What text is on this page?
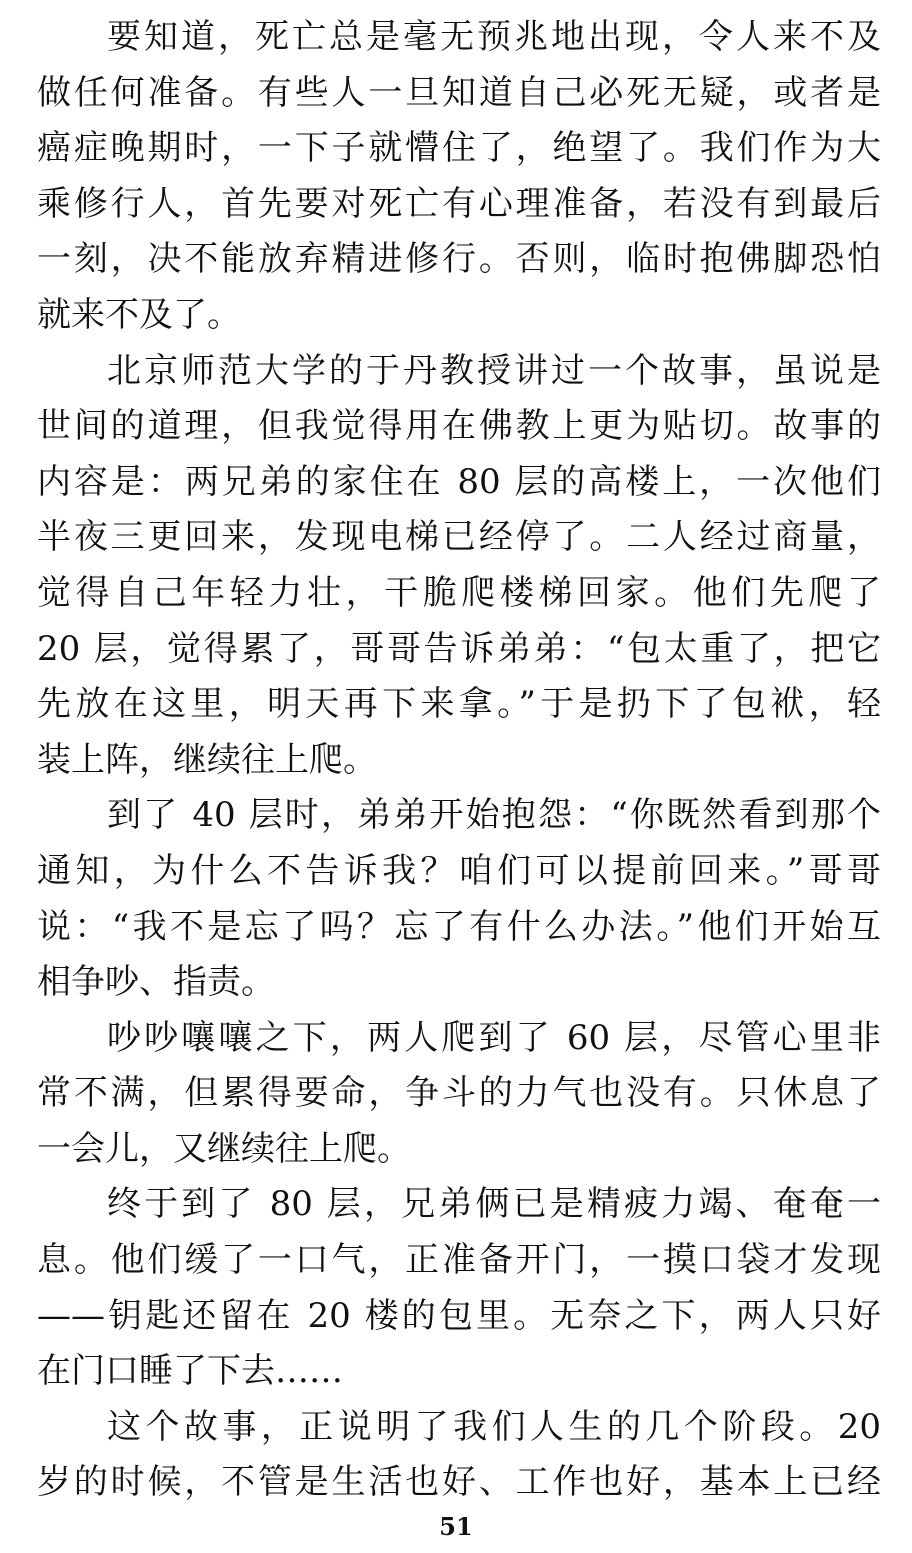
要知道，死亡总是毫无预兆地出现，令人来不及
做任何准备。有些人一旦知道自己必死无疑，或者是
癌症晚期时，一下子就懵住了，绝望了。我们作为大
乘修行人，首先要对死亡有心理准备，若没有到最后
一刻，决不能放弃精进修行。否则，临时抱佛脚恐怕
就来不及了。
北京师范大学的于丹教授讲过一个故事，虽说是
世间的道理，但我觉得用在佛教上更为贴切。故事的
内容是：两兄弟的家住在 80 层的高楼上，一次他们
半夜三更回来，发现电梯已经停了。二人经过商量，
觉得自己年轻力壮，干脆爬楼梯回家。他们先爬了
20 层，觉得累了，哥哥告诉弟弟：“包太重了，把它
先放在这里，明天再下来拿。”于是扔下了包袱，轻
装上阵，继续往上爬。
到了 40 层时，弟弟开始抱怨：“你既然看到那个
通知，为什么不告诉我？咱们可以提前回来。”哥哥
说：“我不是忘了吗？忘了有什么办法。”他们开始互
相争吵、指责。
吵吵嚷嚷之下，两人爬到了 60 层，尽管心里非
常不满，但累得要命，争斗的力气也没有。只休息了
一会儿，又继续往上爬。
终于到了 80 层，兄弟俩已是精疲力竭、奄奄一
息。他们缓了一口气，正准备开门，一摸口袋才发现
——钥匙还留在 20 楼的包里。无奈之下，两人只好
在门口睡了下去……
这个故事，正说明了我们人生的几个阶段。20
岁的时候，不管是生活也好、工作也好，基本上已经
51
